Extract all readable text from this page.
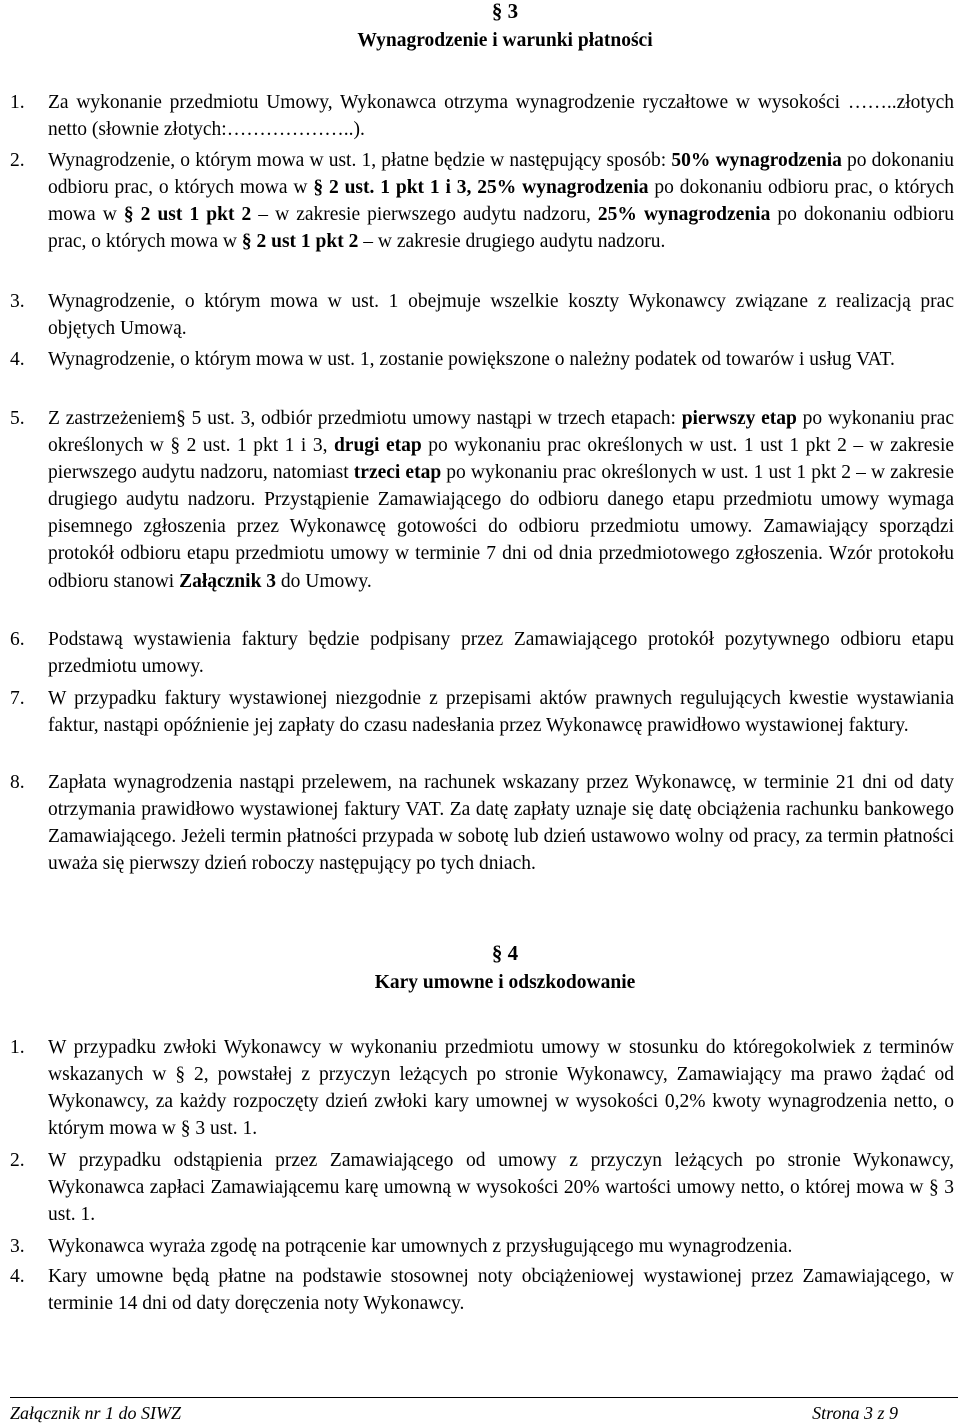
§ 3
Wynagrodzenie i warunki płatności
1.	Za wykonanie przedmiotu Umowy, Wykonawca otrzyma wynagrodzenie ryczałtowe w wysokości ……..złotych netto (słownie złotych:………………..).
2.	Wynagrodzenie, o którym mowa w ust. 1, płatne będzie w następujący sposób: 50% wynagrodzenia po dokonaniu odbioru prac, o których mowa w § 2 ust. 1 pkt 1 i 3, 25% wynagrodzenia po dokonaniu odbioru prac, o których mowa w § 2 ust 1 pkt 2 – w zakresie pierwszego audytu nadzoru, 25% wynagrodzenia po dokonaniu odbioru prac, o których mowa w § 2 ust 1 pkt 2 – w zakresie drugiego audytu nadzoru.
3.	Wynagrodzenie, o którym mowa w ust. 1 obejmuje wszelkie koszty Wykonawcy związane z realizacją prac objętych Umową.
4.	Wynagrodzenie, o którym mowa w ust. 1, zostanie powiększone o należny podatek od towarów i usług VAT.
5.	Z zastrzeżeniem§ 5 ust. 3, odbiór przedmiotu umowy nastąpi w trzech etapach: pierwszy etap po wykonaniu prac określonych w § 2 ust. 1 pkt 1 i 3, drugi etap po wykonaniu prac określonych w ust. 1 ust 1 pkt 2 – w zakresie pierwszego audytu nadzoru, natomiast trzeci etap po wykonaniu prac określonych w ust. 1 ust 1 pkt 2 – w zakresie drugiego audytu nadzoru. Przystąpienie Zamawiającego do odbioru danego etapu przedmiotu umowy wymaga pisemnego zgłoszenia przez Wykonawcę gotowości do odbioru przedmiotu umowy. Zamawiający sporządzi protokół odbioru etapu przedmiotu umowy w terminie 7 dni od dnia przedmiotowego zgłoszenia. Wzór protokołu odbioru stanowi Załącznik 3 do Umowy.
6.	Podstawą wystawienia faktury będzie podpisany przez Zamawiającego protokół pozytywnego odbioru etapu przedmiotu umowy.
7.	W przypadku faktury wystawionej niezgodnie z przepisami aktów prawnych regulujących kwestie wystawiania faktur, nastąpi opóźnienie jej zapłaty do czasu nadesłania przez Wykonawcę prawidłowo wystawionej faktury.
8.	Zapłata wynagrodzenia nastąpi przelewem, na rachunek wskazany przez Wykonawcę, w terminie 21 dni od daty otrzymania prawidłowo wystawionej faktury VAT. Za datę zapłaty uznaje się datę obciążenia rachunku bankowego Zamawiającego. Jeżeli termin płatności przypada w sobotę lub dzień ustawowo wolny od pracy, za termin płatności uważa się pierwszy dzień roboczy następujący po tych dniach.
§ 4
Kary umowne i odszkodowanie
1.	W przypadku zwłoki Wykonawcy w wykonaniu przedmiotu umowy w stosunku do któregokolwiek z terminów wskazanych w § 2, powstałej z przyczyn leżących po stronie Wykonawcy, Zamawiający ma prawo żądać od Wykonawcy, za każdy rozpoczęty dzień zwłoki kary umownej w wysokości 0,2% kwoty wynagrodzenia netto, o którym mowa w § 3 ust. 1.
2.	W przypadku odstąpienia przez Zamawiającego od umowy z przyczyn leżących po stronie Wykonawcy, Wykonawca zapłaci Zamawiającemu karę umowną w wysokości 20% wartości umowy netto, o której mowa w § 3 ust. 1.
3.	Wykonawca wyraża zgodę na potrącenie kar umownych z przysługującego mu wynagrodzenia.
4.	Kary umowne będą płatne na podstawie stosownej noty obciążeniowej wystawionej przez Zamawiającego, w terminie 14 dni od daty doręczenia noty Wykonawcy.
Załącznik nr 1 do SIWZ	Strona 3 z 9
